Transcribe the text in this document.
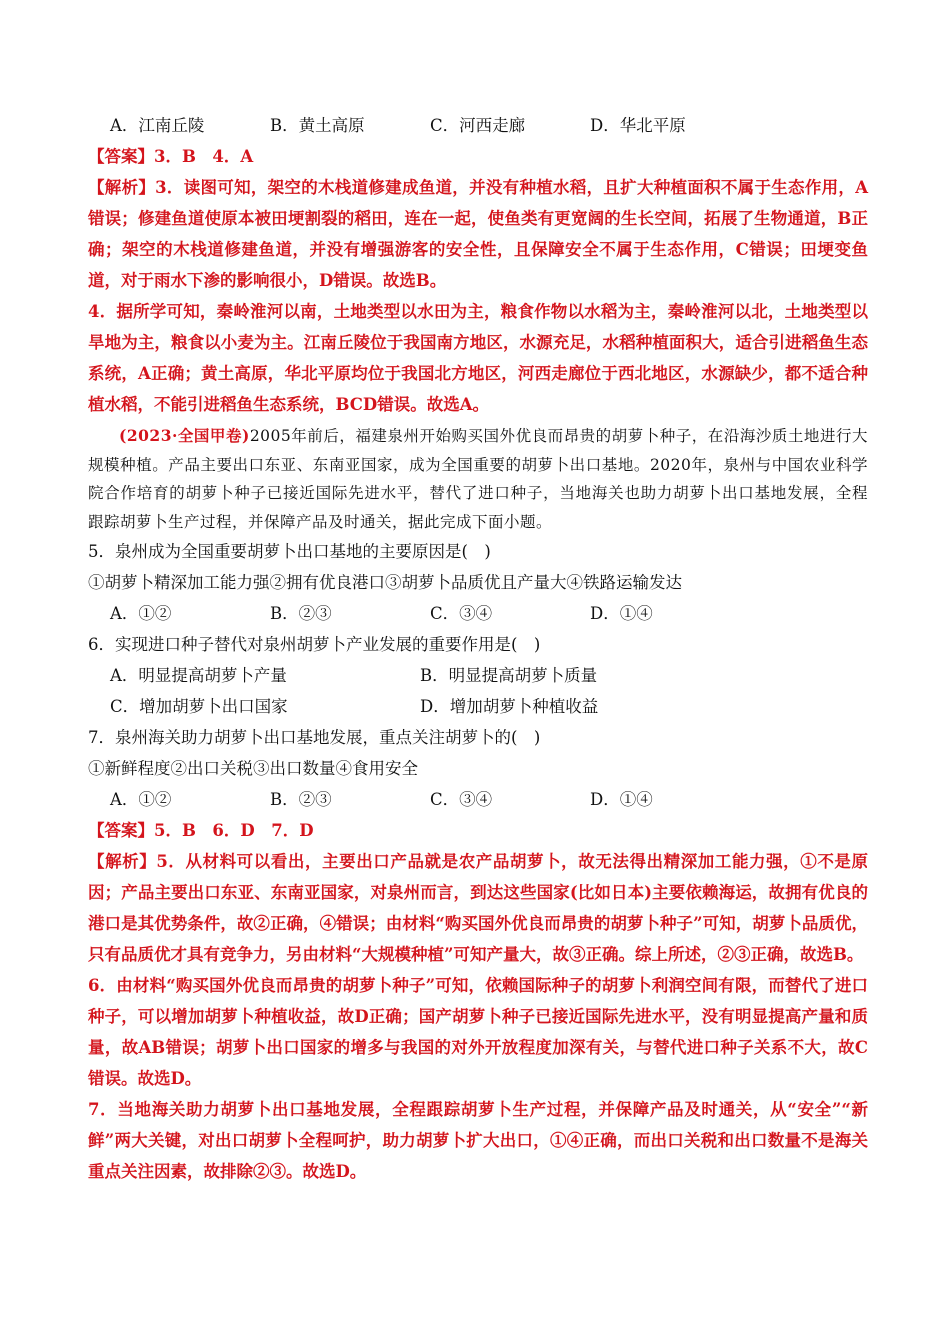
A．江南丘陵	B．黄土高原	C．河西走廊	D．华北平原
【答案】3．B　4．A
【解析】3．读图可知，架空的木栈道修建成鱼道，并没有种植水稻，且扩大种植面积不属于生态作用，A错误；修建鱼道使原本被田埂割裂的稻田，连在一起，使鱼类有更宽阔的生长空间，拓展了生物通道，B正确；架空的木栈道修建鱼道，并没有增强游客的安全性，且保障安全不属于生态作用，C错误；田埂变鱼道，对于雨水下渗的影响很小，D错误。故选B。
4．据所学可知，秦岭淮河以南，土地类型以水田为主，粮食作物以水稻为主，秦岭淮河以北，土地类型以旱地为主，粮食以小麦为主。江南丘陵位于我国南方地区，水源充足，水稻种植面积大，适合引进稻鱼生态系统，A正确；黄土高原，华北平原均位于我国北方地区，河西走廊位于西北地区，水源缺少，都不适合种植水稻，不能引进稻鱼生态系统，BCD错误。故选A。
(2023·全国甲卷)2005年前后，福建泉州开始购买国外优良而昂贵的胡萝卜种子，在沿海沙质土地进行大规模种植。产品主要出口东亚、东南亚国家，成为全国重要的胡萝卜出口基地。2020年，泉州与中国农业科学院合作培育的胡萝卜种子已接近国际先进水平，替代了进口种子，当地海关也助力胡萝卜出口基地发展，全程跟踪胡萝卜生产过程，并保障产品及时通关，据此完成下面小题。
5．泉州成为全国重要胡萝卜出口基地的主要原因是(　)
①胡萝卜精深加工能力强②拥有优良港口③胡萝卜品质优且产量大④铁路运输发达
A．①②	B．②③	C．③④	D．①④
6．实现进口种子替代对泉州胡萝卜产业发展的重要作用是(　)
A．明显提高胡萝卜产量	B．明显提高胡萝卜质量
C．增加胡萝卜出口国家	D．增加胡萝卜种植收益
7．泉州海关助力胡萝卜出口基地发展，重点关注胡萝卜的(　)
①新鲜程度②出口关税③出口数量④食用安全
A．①②	B．②③	C．③④	D．①④
【答案】5．B　6．D　7．D
【解析】5．从材料可以看出，主要出口产品就是农产品胡萝卜，故无法得出精深加工能力强，①不是原因；产品主要出口东亚、东南亚国家，对泉州而言，到达这些国家(比如日本)主要依赖海运，故拥有优良的港口是其优势条件，故②正确，④错误；由材料“购买国外优良而昂贵的胡萝卜种子”可知，胡萝卜品质优，只有品质优才具有竞争力，另由材料“大规模种植”可知产量大，故③正确。综上所述，②③正确，故选B。
6．由材料“购买国外优良而昂贵的胡萝卜种子”可知，依赖国际种子的胡萝卜利润空间有限，而替代了进口种子，可以增加胡萝卜种植收益，故D正确；国产胡萝卜种子已接近国际先进水平，没有明显提高产量和质量，故AB错误；胡萝卜出口国家的增多与我国的对外开放程度加深有关，与替代进口种子关系不大，故C错误。故选D。
7．当地海关助力胡萝卜出口基地发展，全程跟踪胡萝卜生产过程，并保障产品及时通关，从“安全”“新鲜”两大关键，对出口胡萝卜全程呵护，助力胡萝卜扩大出口，①④正确，而出口关税和出口数量不是海关重点关注因素，故排除②③。故选D。
